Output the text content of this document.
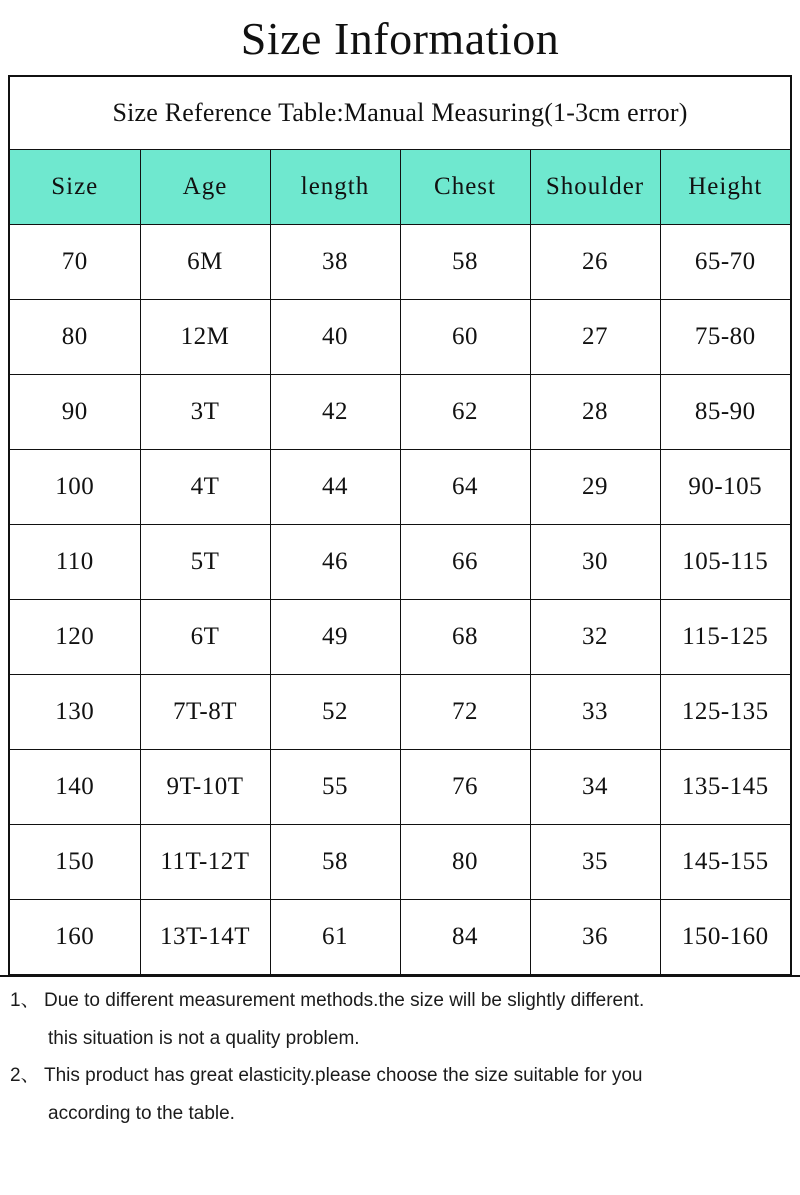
Size Information
Size Reference Table:Manual Measuring(1-3cm error)					
Size	Age	length	Chest	Shoulder	Height
70	6M	38	58	26	65-70
80	12M	40	60	27	75-80
90	3T	42	62	28	85-90
100	4T	44	64	29	90-105
110	5T	46	66	30	105-115
120	6T	49	68	32	115-125
130	7T-8T	52	72	33	125-135
140	9T-10T	55	76	34	135-145
150	11T-12T	58	80	35	145-155
160	13T-14T	61	84	36	150-160
1、 Due to different measurement methods.the size will be slightly different.
this situation is not a quality problem.
2、 This product has great elasticity.please choose the size suitable for you
according to the table.
